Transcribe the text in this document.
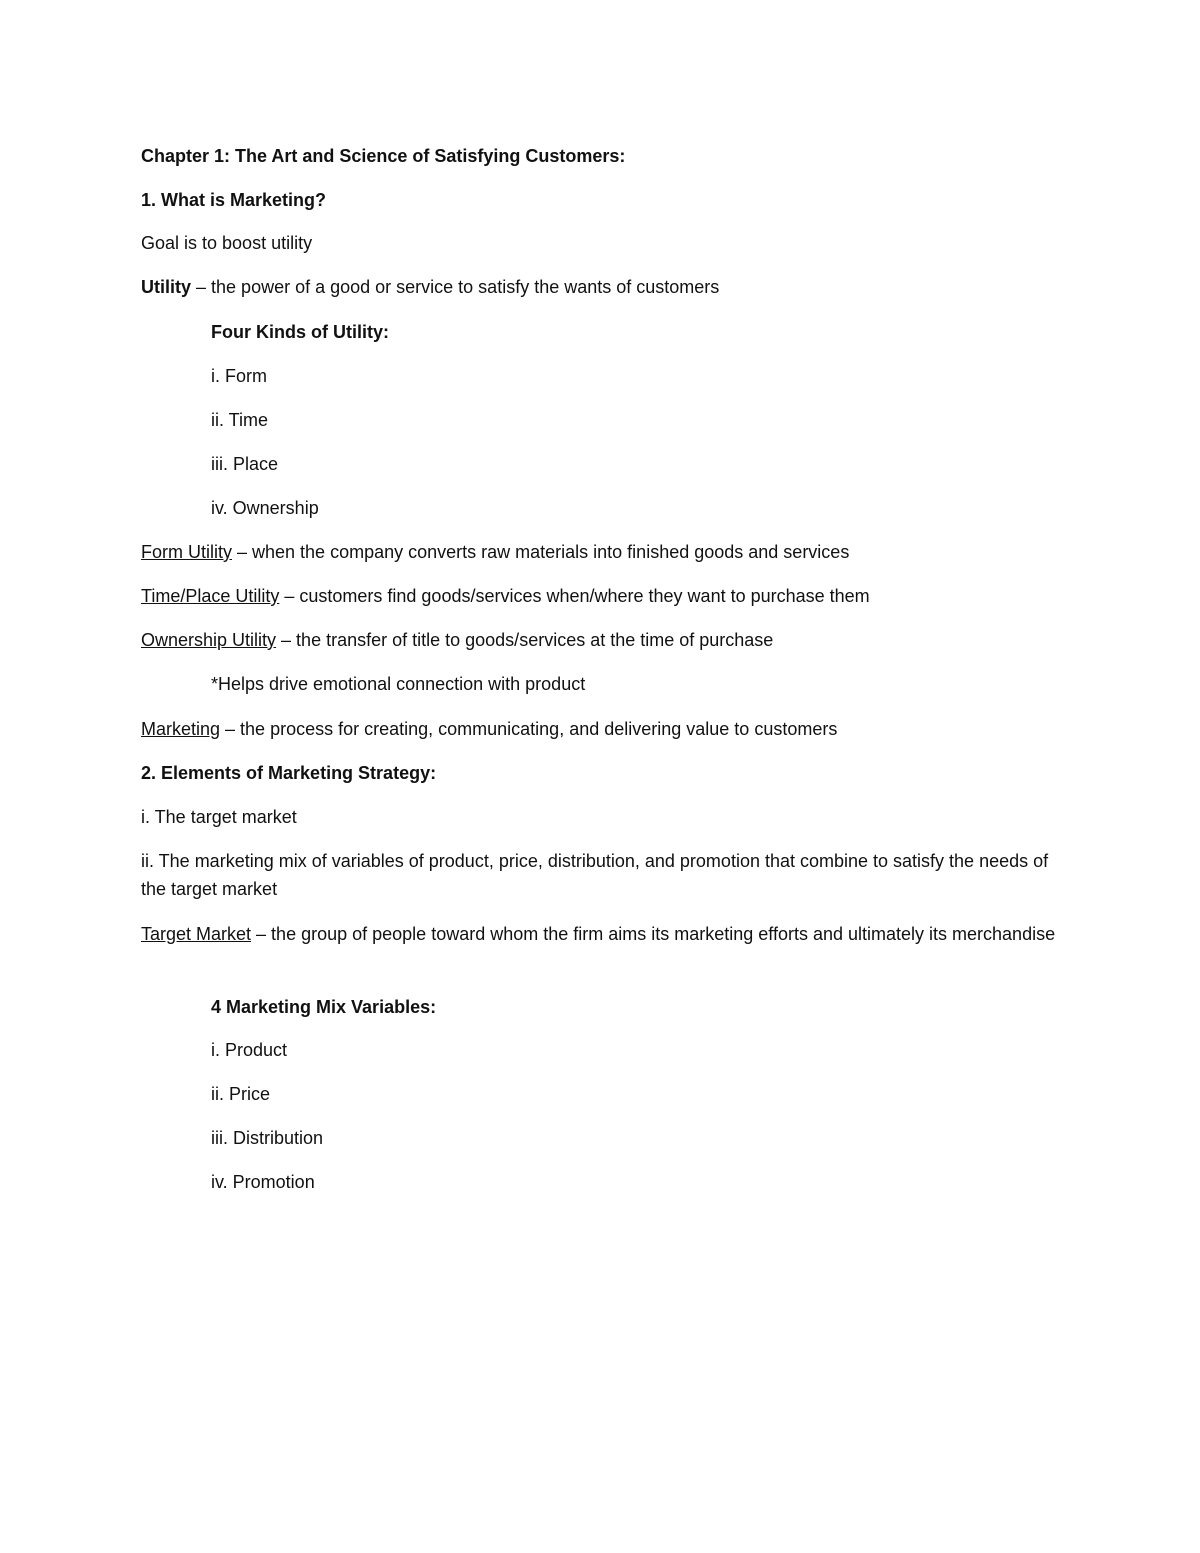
Chapter 1: The Art and Science of Satisfying Customers:
1. What is Marketing?
Goal is to boost utility
Utility – the power of a good or service to satisfy the wants of customers
Four Kinds of Utility:
i. Form
ii. Time
iii. Place
iv. Ownership
Form Utility – when the company converts raw materials into finished goods and services
Time/Place Utility – customers find goods/services when/where they want to purchase them
Ownership Utility – the transfer of title to goods/services at the time of purchase
*Helps drive emotional connection with product
Marketing – the process for creating, communicating, and delivering value to customers
2. Elements of Marketing Strategy:
i. The target market
ii. The marketing mix of variables of product, price, distribution, and promotion that combine to satisfy the needs of the target market
Target Market – the group of people toward whom the firm aims its marketing efforts and ultimately its merchandise
4 Marketing Mix Variables:
i. Product
ii. Price
iii. Distribution
iv. Promotion
